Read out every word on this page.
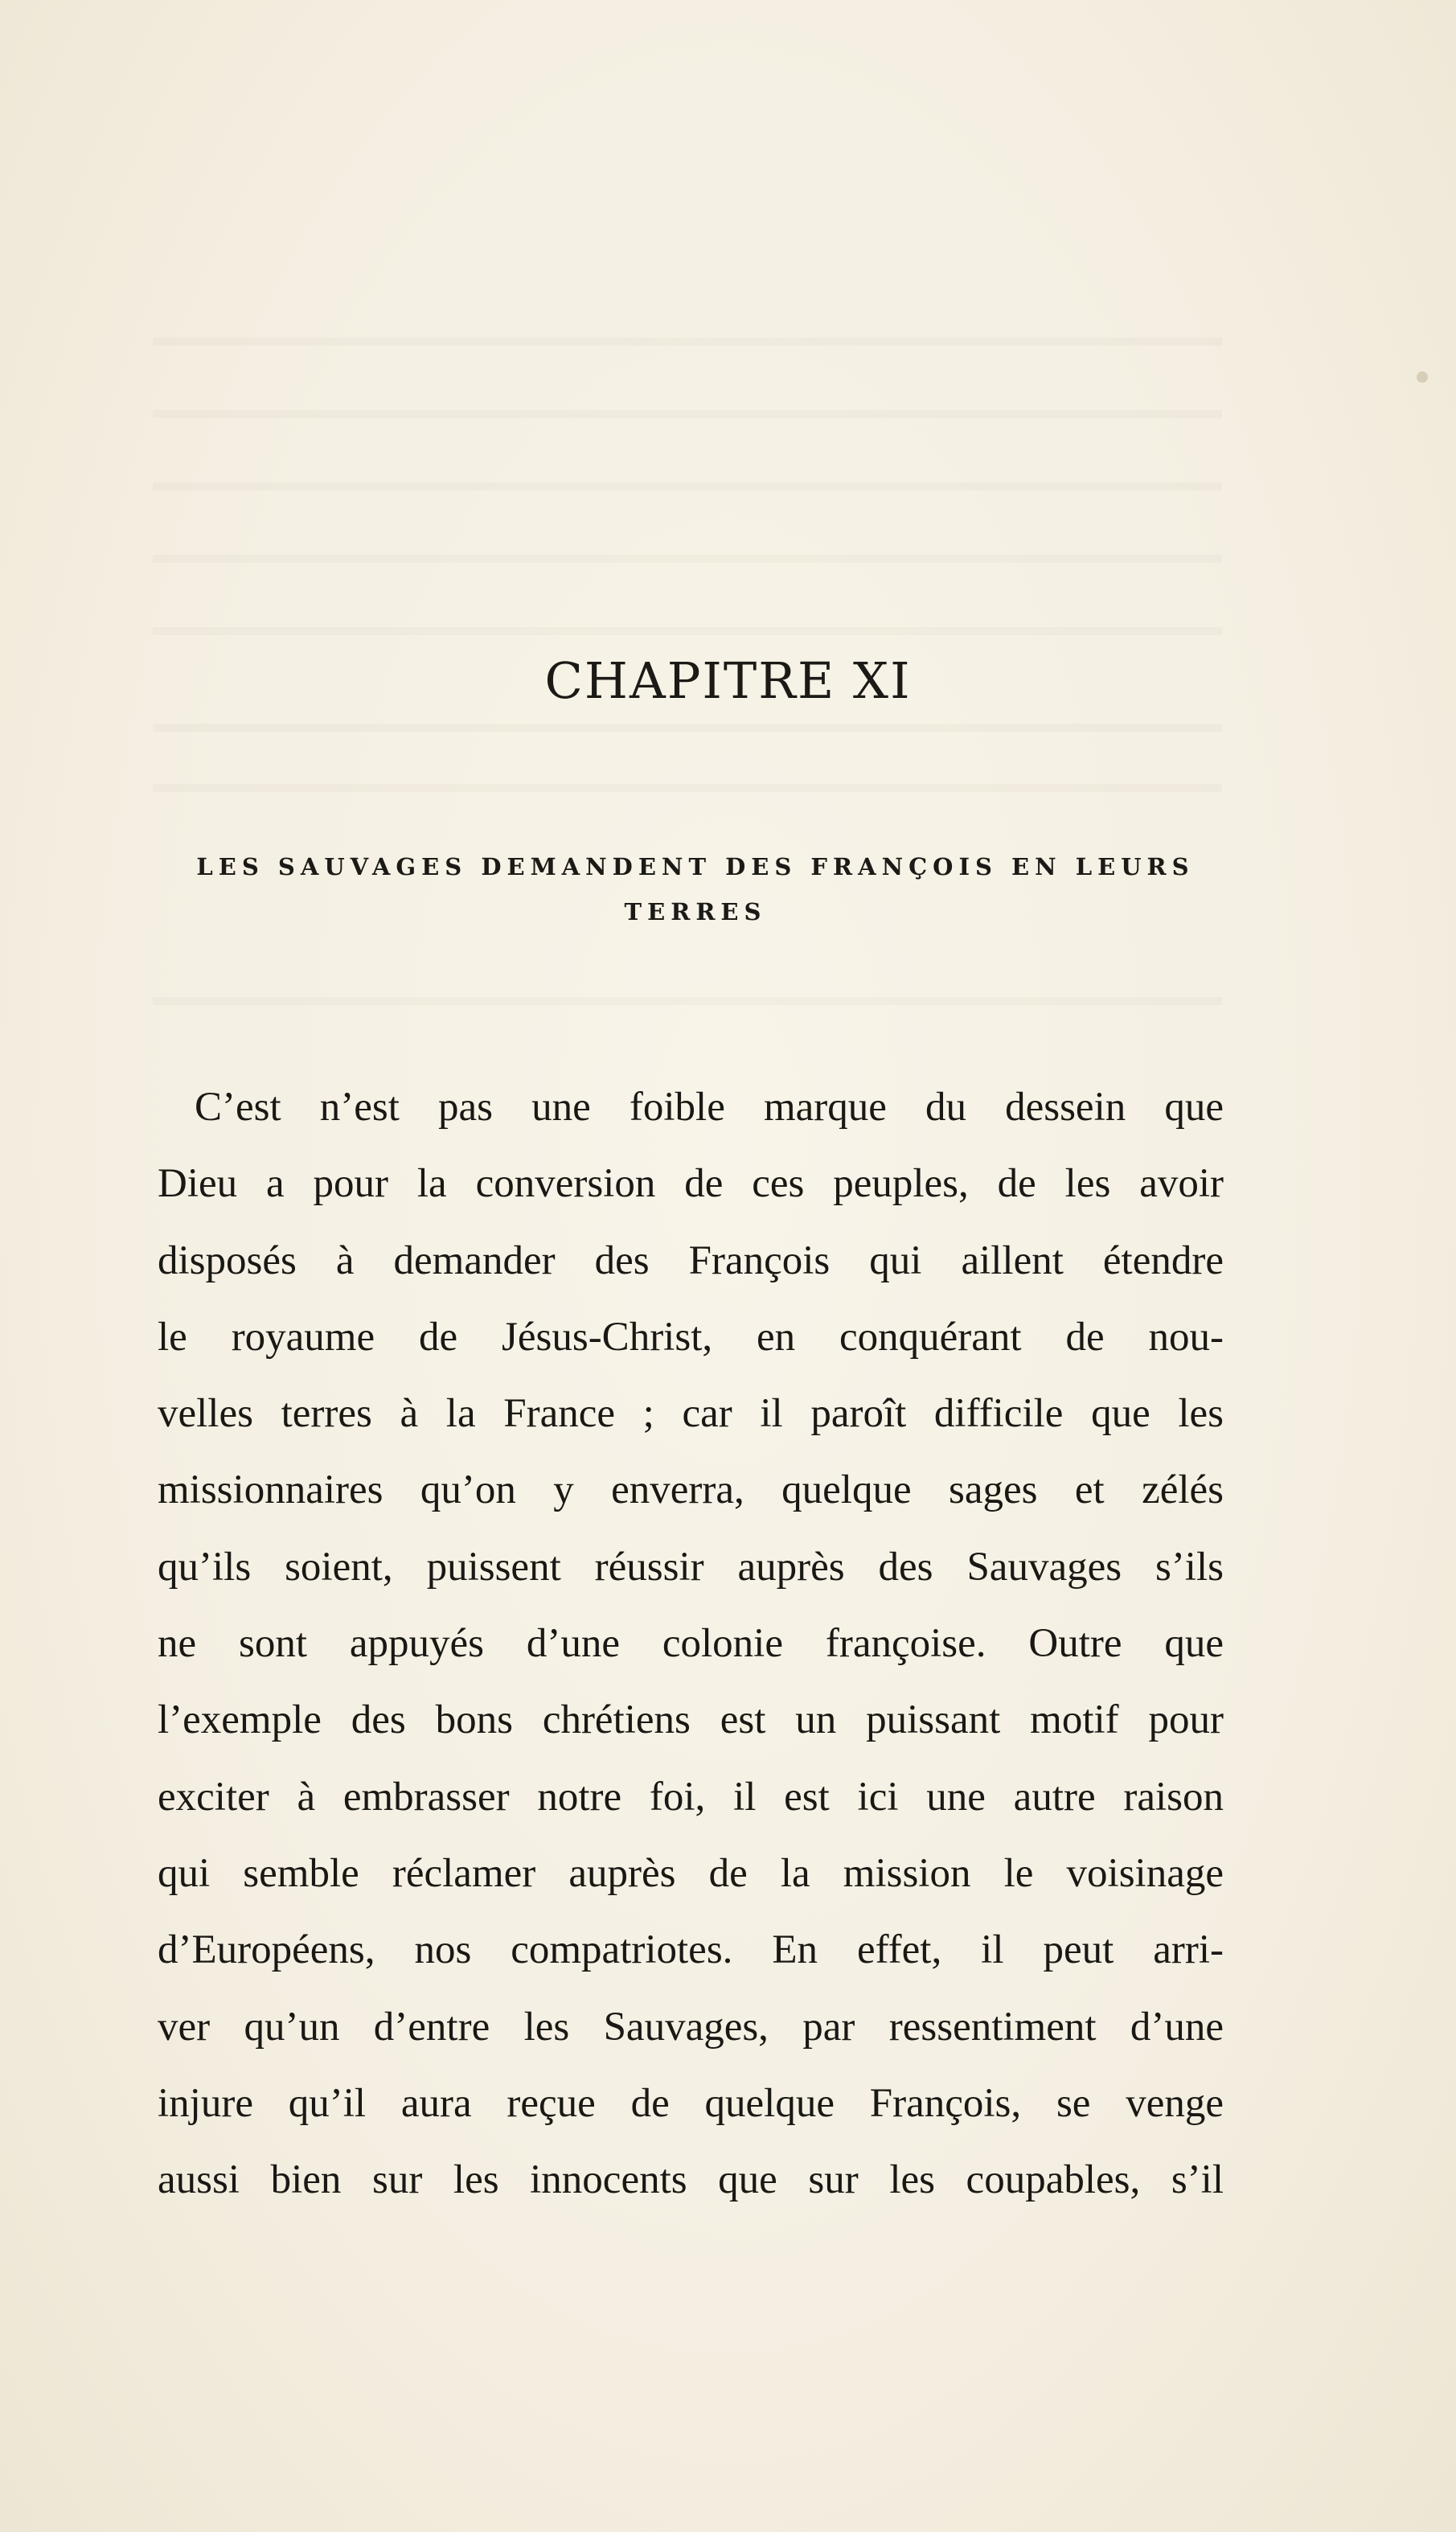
CHAPITRE XI
LES SAUVAGES DEMANDENT DES FRANÇOIS EN LEURS TERRES
C’est n’est pas une foible marque du dessein que
Dieu a pour la conversion de ces peuples, de les avoir
disposés à demander des François qui aillent étendre
le royaume de Jésus-Christ, en conquérant de nou-
velles terres à la France ; car il paroît difficile que les
missionnaires qu’on y enverra, quelque sages et zélés
qu’ils soient, puissent réussir auprès des Sauvages s’ils
ne sont appuyés d’une colonie françoise. Outre que
l’exemple des bons chrétiens est un puissant motif pour
exciter à embrasser notre foi, il est ici une autre raison
qui semble réclamer auprès de la mission le voisinage
d’Européens, nos compatriotes. En effet, il peut arri-
ver qu’un d’entre les Sauvages, par ressentiment d’une
injure qu’il aura reçue de quelque François, se venge
aussi bien sur les innocents que sur les coupables, s’il
